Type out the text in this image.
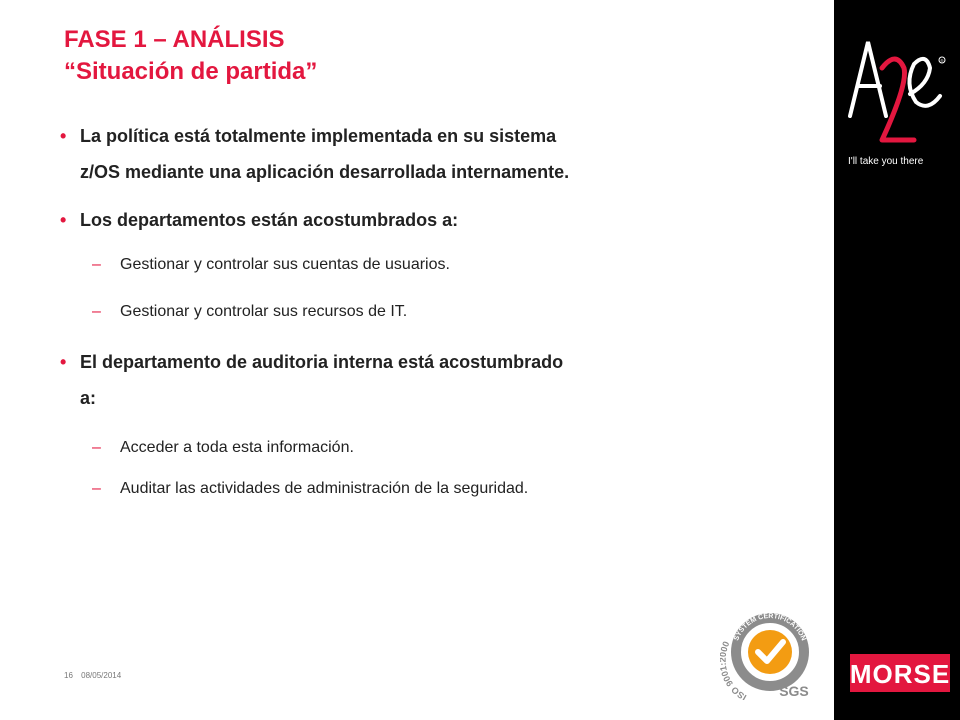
FASE 1 – ANÁLISIS
“Situación de partida”
• La política está totalmente implementada en su sistema
z/OS mediante una aplicación desarrollada internamente.
• Los departamentos están acostumbrados a:
– Gestionar y controlar sus cuentas de usuarios.
– Gestionar y controlar sus recursos de IT.
• El departamento de auditoria interna está acostumbrado
a:
– Acceder a toda esta información.
– Auditar las actividades de administración de la seguridad.
16 08/05/2014
®
I'll take you there
SYSTEM CERTIFICATION
ISO 900 0
SGS
MORSE
